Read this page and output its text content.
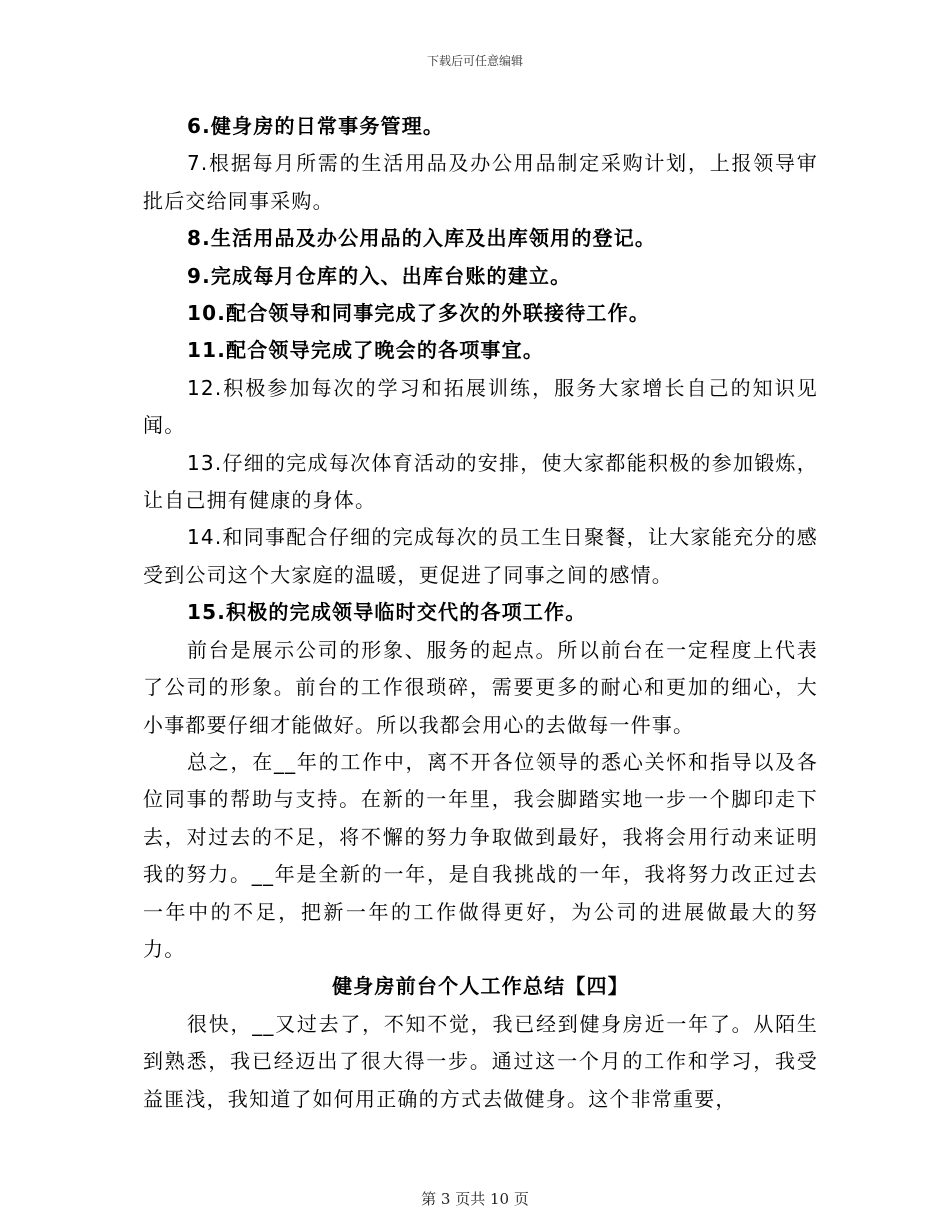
下载后可任意编辑

6.健身房的日常事务管理。

7.根据每月所需的生活用品及办公用品制定采购计划，上报领导审批后交给同事采购。

8.生活用品及办公用品的入库及出库领用的登记。

9.完成每月仓库的入、出库台账的建立。

10.配合领导和同事完成了多次的外联接待工作。

11.配合领导完成了晚会的各项事宜。

12.积极参加每次的学习和拓展训练，服务大家增长自己的知识见闻。

13.仔细的完成每次体育活动的安排，使大家都能积极的参加锻炼，让自己拥有健康的身体。

14.和同事配合仔细的完成每次的员工生日聚餐，让大家能充分的感受到公司这个大家庭的温暖，更促进了同事之间的感情。

15.积极的完成领导临时交代的各项工作。

前台是展示公司的形象、服务的起点。所以前台在一定程度上代表了公司的形象。前台的工作很琐碎，需要更多的耐心和更加的细心，大小事都要仔细才能做好。所以我都会用心的去做每一件事。

总之，在__年的工作中，离不开各位领导的悉心关怀和指导以及各位同事的帮助与支持。在新的一年里，我会脚踏实地一步一个脚印走下去，对过去的不足，将不懈的努力争取做到最好，我将会用行动来证明我的努力。__年是全新的一年，是自我挑战的一年，我将努力改正过去一年中的不足，把新一年的工作做得更好，为公司的进展做最大的努力。

健身房前台个人工作总结【四】

很快，__又过去了，不知不觉，我已经到健身房近一年了。从陌生到熟悉，我已经迈出了很大得一步。通过这一个月的工作和学习，我受益匪浅，我知道了如何用正确的方式去做健身。这个非常重要，

第 3 页共 10 页
